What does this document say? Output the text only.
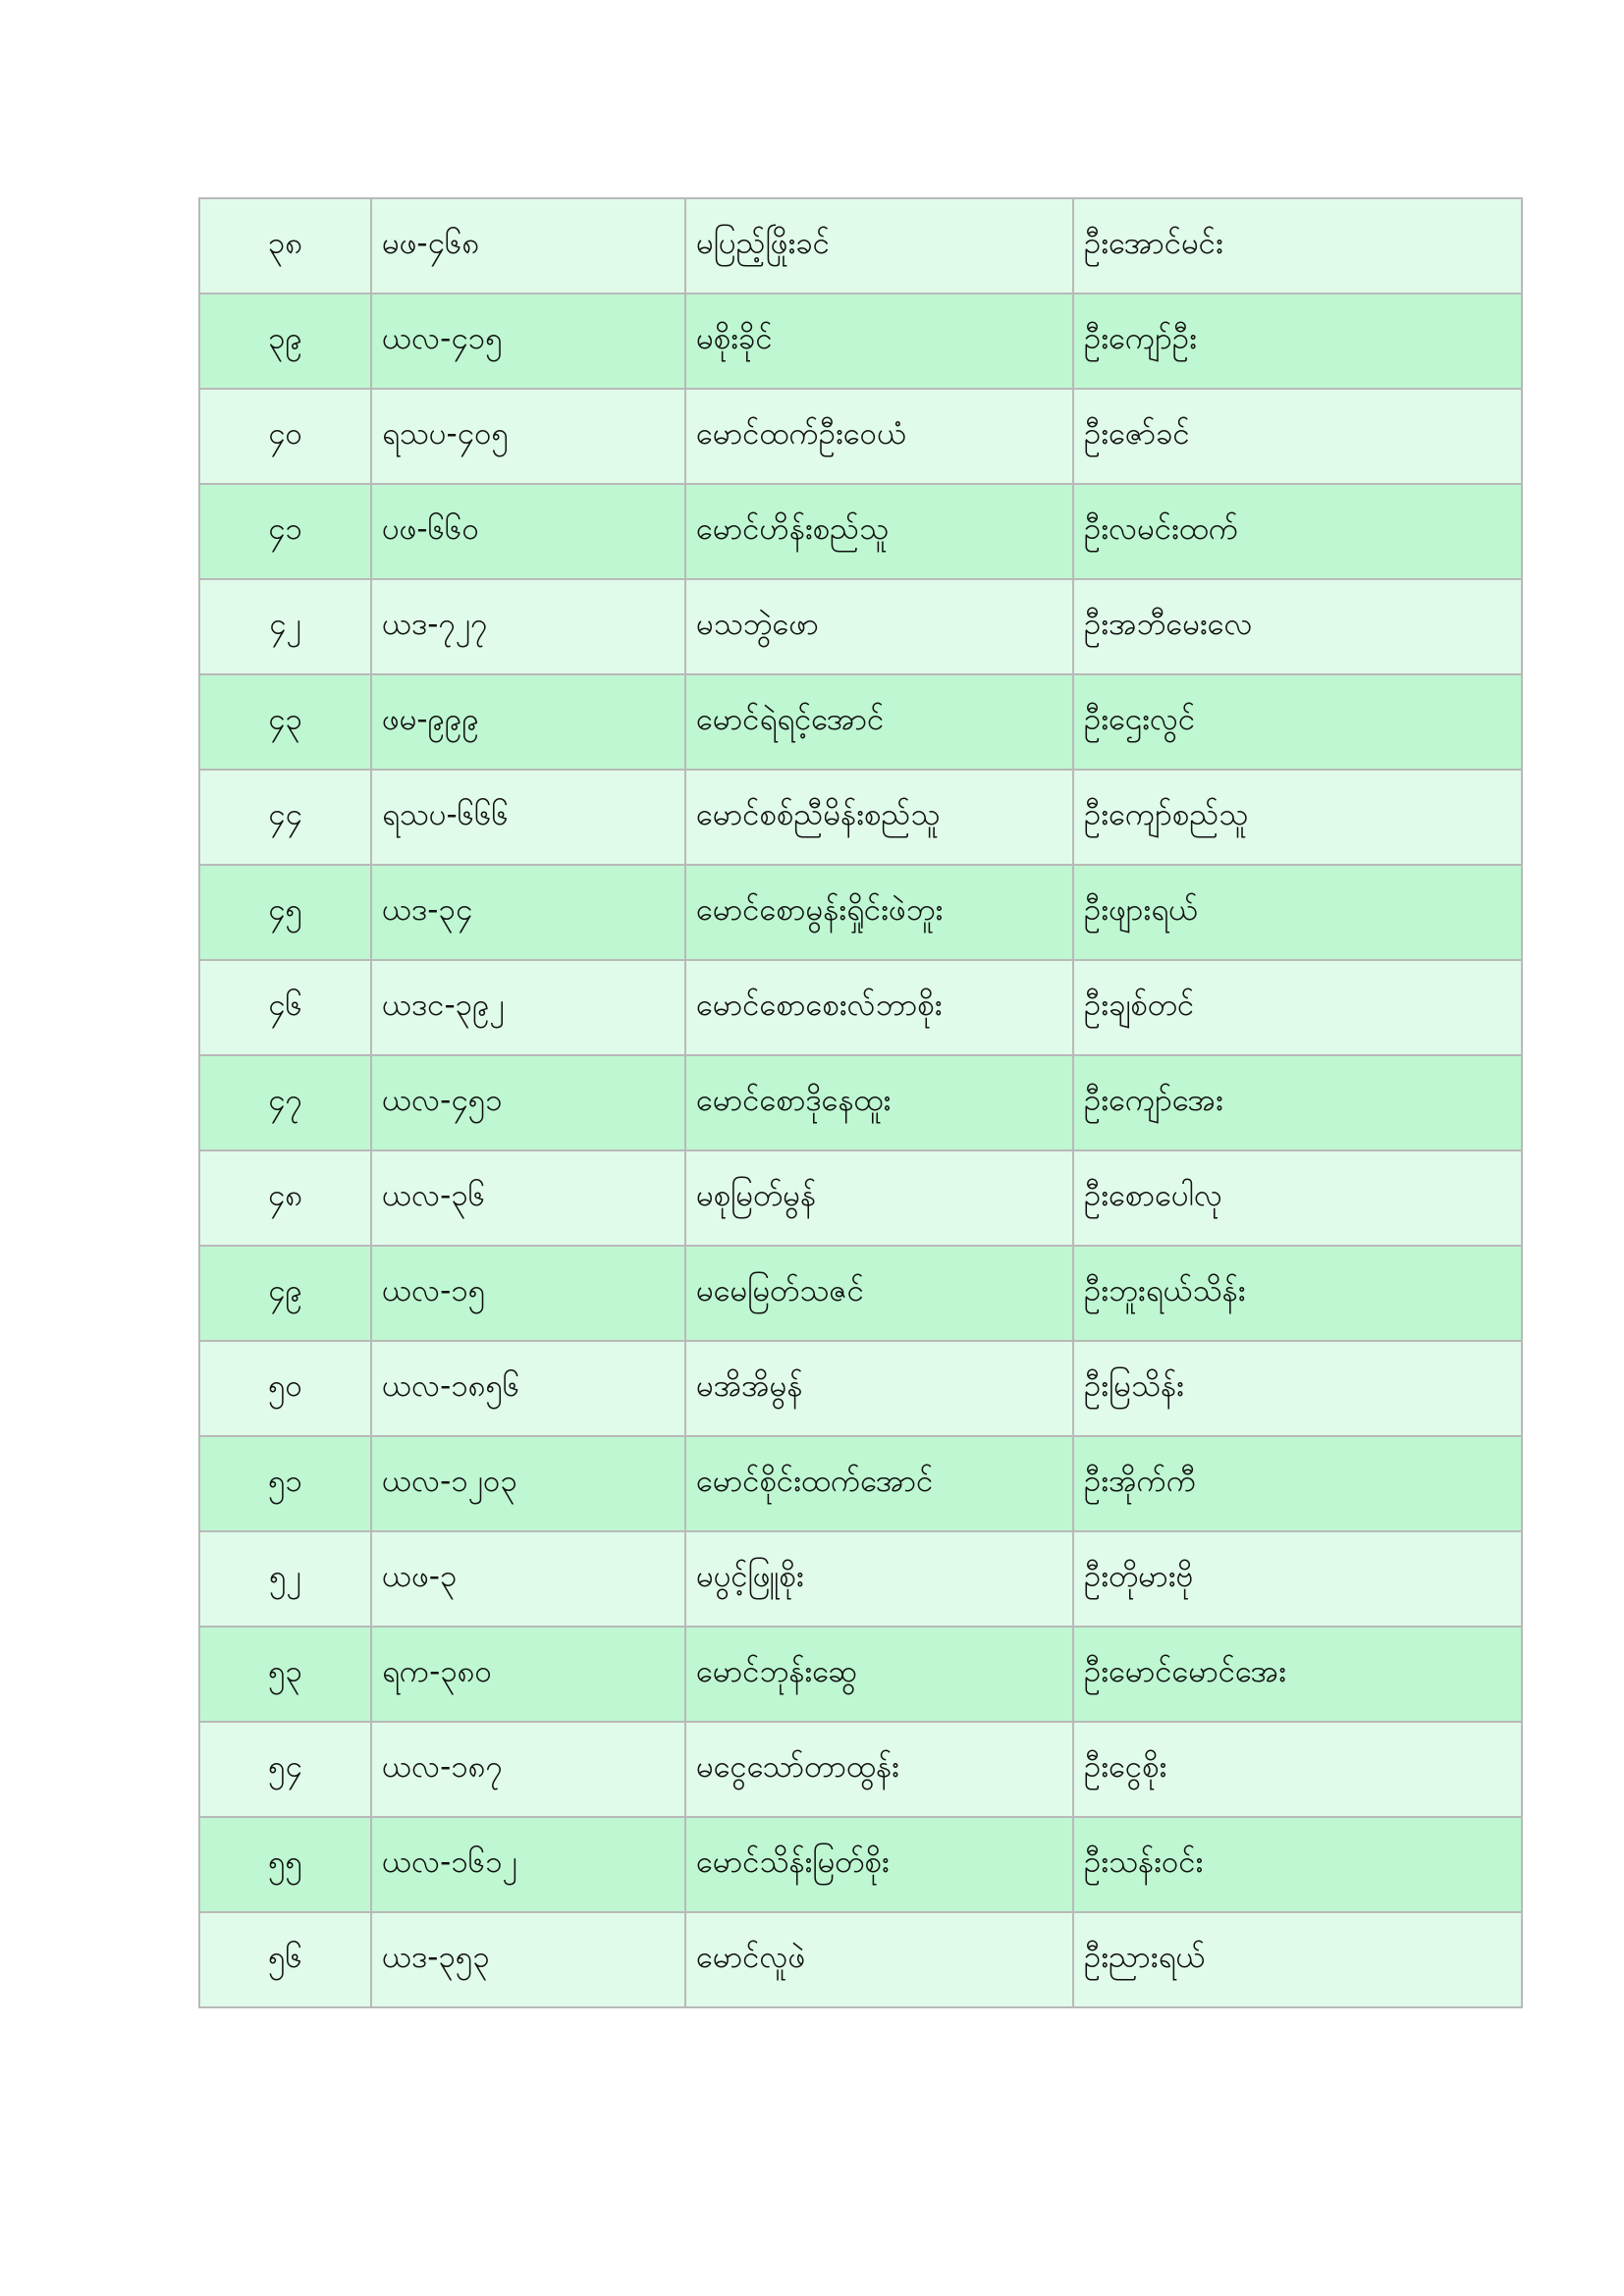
၃၈	မဖ-၄၆၈	မပြည့်ဖြိုးခင်	ဦးအောင်မင်း
၃၉	ယလ-၄၁၅	မစိုးခိုင်	ဦးကျော်ဦး
၄၀	ရသပ-၄၀၅	မောင်ထက်ဦးဝေယံ	ဦးဇော်ခင်
၄၁	ပဖ-၆၆၀	မောင်ဟိန်းစည်သူ	ဦးလမင်းထက်
၄၂	ယဒ-၇၂၇	မသဘွဲဖော	ဦးအဘီမေးလေ
၄၃	ဖမ-၉၉၉	မောင်ရဲရင့်အောင်	ဦးဌေးလွင်
၄၄	ရသပ-၆၆၆	မောင်စစ်ညီမိန်းစည်သူ	ဦးကျော်စည်သူ
၄၅	ယဒ-၃၄	မောင်စောမွန်းရှိုင်းဖဲဘူး	ဦးဖျားရယ်
၄၆	ယဒင-၃၉၂	မောင်စောစေးလ်ဘာစိုး	ဦးချစ်တင်
၄၇	ယလ-၄၅၁	မောင်စောဒိုနေထူး	ဦးကျော်အေး
၄၈	ယလ-၃၆	မစုမြတ်မွန်	ဦးစောပေါလု
၄၉	ယလ-၁၅	မမေမြတ်သဇင်	ဦးဘူးရယ်သိန်း
၅၀	ယလ-၁၈၅၆	မအိအိမွန်	ဦးမြသိန်း
၅၁	ယလ-၁၂၀၃	မောင်စိုင်းထက်အောင်	ဦးအိုက်ကီ
၅၂	ယဖ-၃	မပွင့်ဖြူစိုး	ဦးတိုမားဗို
၅၃	ရက-၃၈၀	မောင်ဘုန်းဆွေ	ဦးမောင်မောင်အေး
၅၄	ယလ-၁၈၇	မငွေသော်တာထွန်း	ဦးငွေစိုး
၅၅	ယလ-၁၆၁၂	မောင်သိန်းမြတ်စိုး	ဦးသန်းဝင်း
၅၆	ယဒ-၃၅၃	မောင်လူဖဲ	ဦးညားရယ်
